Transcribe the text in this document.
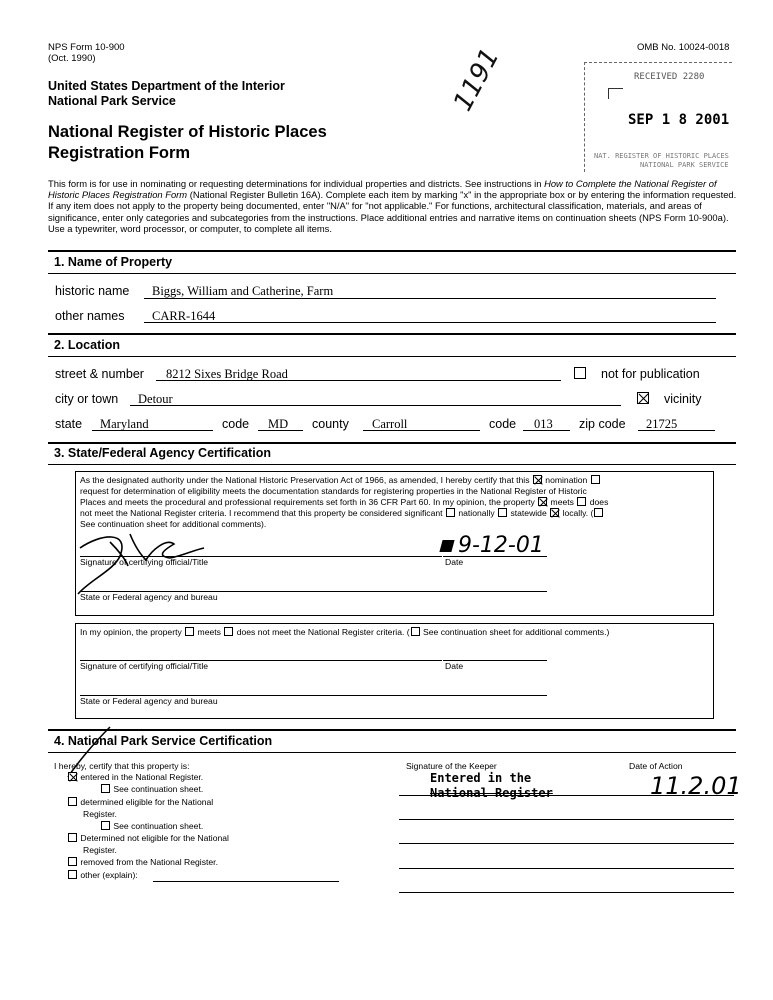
NPS Form 10-900
(Oct. 1990)
OMB No. 10024-0018
United States Department of the Interior
National Park Service
National Register of Historic Places
Registration Form
1191	RECEIVED 2280
SEP 1 8 2001
NAT. REGISTER OF HISTORIC PLACES
NATIONAL PARK SERVICE
This form is for use in nominating or requesting determinations for individual properties and districts. See instructions in How to Complete the National Register of Historic Places Registration Form (National Register Bulletin 16A). Complete each item by marking "x" in the appropriate box or by entering the information requested. If any item does not apply to the property being documented, enter "N/A" for "not applicable." For functions, architectural classification, materials, and areas of significance, enter only categories and subcategories from the instructions. Place additional entries and narrative items on continuation sheets (NPS Form 10-900a). Use a typewriter, word processor, or computer, to complete all items.
1. Name of Property
historic name Biggs, William and Catherine, Farm
other names CARR-1644
2. Location
street & number 8212 Sixes Bridge Road	not for publication
city or town Detour	vicinity
state Maryland	code MD county Carroll	code 013 zip code 21725
3. State/Federal Agency Certification
As the designated authority under the National Historic Preservation Act of 1966, as amended, I hereby certify that this nomination
request for determination of eligibility meets the documentation standards for registering properties in the National Register of Historic
Places and meets the procedural and professional requirements set forth in 36 CFR Part 60. In my opinion, the property meets does
not meet the National Register criteria. I recommend that this property be considered significant nationally statewide locally. (
See continuation sheet for additional comments).
Signature of certifying official/Title	Date
9-12-01
State or Federal agency and bureau
In my opinion, the property meets does not meet the National Register criteria. ( See continuation sheet for additional comments.)
Signature of certifying official/Title	Date
State or Federal agency and bureau
4. National Park Service Certification
I hereby, certify that this property is:	Signature of the Keeper	Date of Action
Entered in the
National Register	11.2.01
entered in the National Register.
See continuation sheet.
determined eligible for the National
Register.
See continuation sheet.
Determined not eligible for the National
Register.
removed from the National Register.
other (explain):
